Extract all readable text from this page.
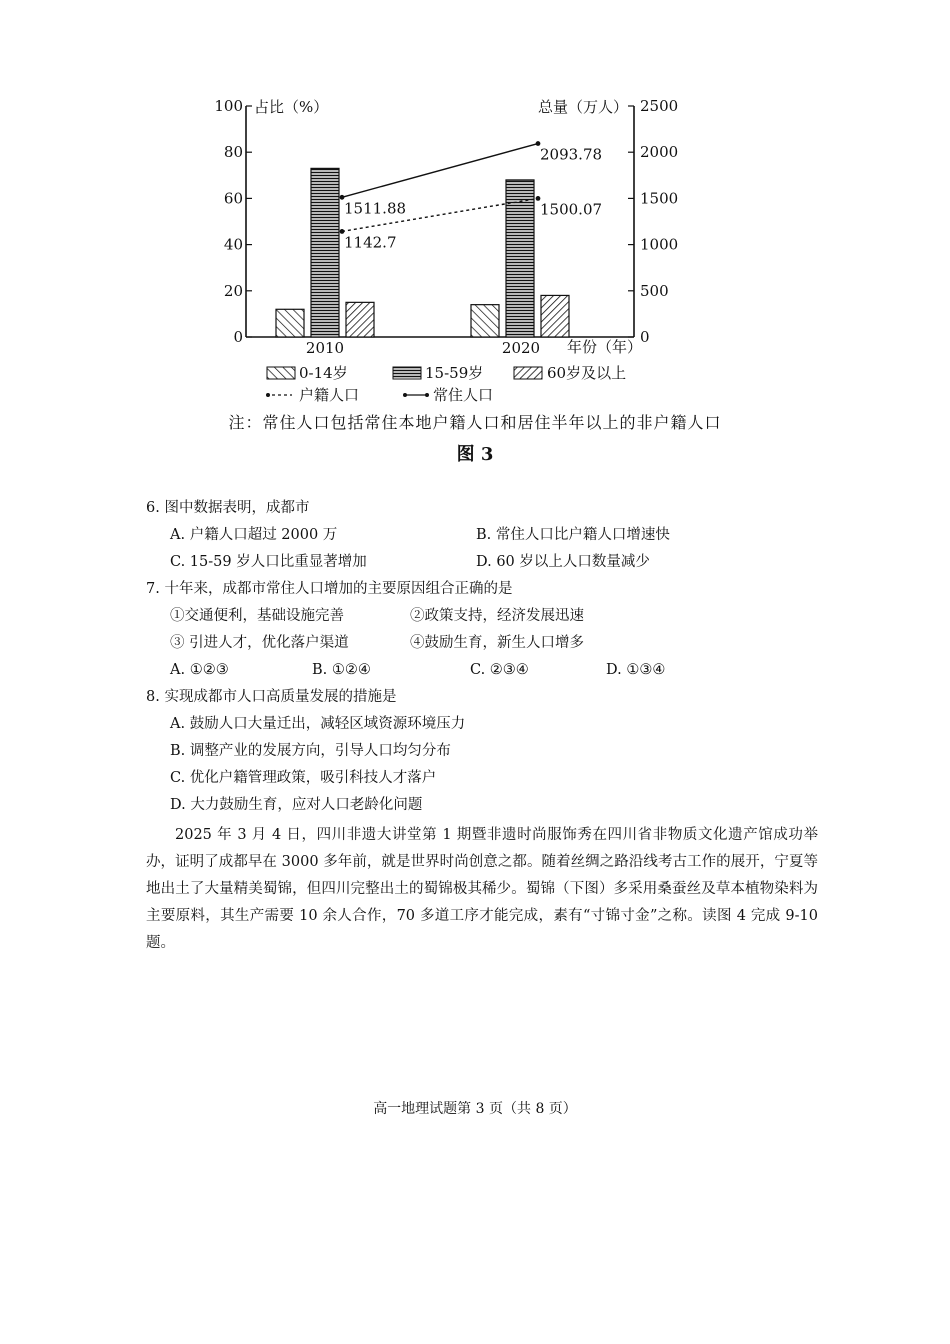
0
20
40
60
80
100
0
500
1000
1500
2000
2500
占比（%）	总量（万人）
1142.7
1500.07
1511.88
2093.78
2010	2020 年份（年）
0-14岁	15-59岁	60岁及以上
户籍人口	常住人口
注：常住人口包括常住本地户籍人口和居住半年以上的非户籍人口
图 3
6. 图中数据表明，成都市
A. 户籍人口超过 2000 万	B. 常住人口比户籍人口增速快
C. 15-59 岁人口比重显著增加	D. 60 岁以上人口数量减少
7. 十年来，成都市常住人口增加的主要原因组合正确的是
①交通便利，基础设施完善	②政策支持，经济发展迅速
③ 引进人才，优化落户渠道	④鼓励生育，新生人口增多
A. ①②③	B. ①②④	C. ②③④	D. ①③④
8. 实现成都市人口高质量发展的措施是
A. 鼓励人口大量迁出，减轻区域资源环境压力
B. 调整产业的发展方向，引导人口均匀分布
C. 优化户籍管理政策，吸引科技人才落户
D. 大力鼓励生育，应对人口老龄化问题

2025 年 3 月 4 日，四川非遗大讲堂第 1 期暨非遗时尚服饰秀在四川省非物质文化遗产馆成功举办，证明了成都早在 3000 多年前，就是世界时尚创意之都。随着丝绸之路沿线考古工作的展开，宁夏等地出土了大量精美蜀锦，但四川完整出土的蜀锦极其稀少。蜀锦（下图）多采用桑蚕丝及草本植物染料为主要原料，其生产需要 10 余人合作，70 多道工序才能完成，素有“寸锦寸金”之称。读图 4 完成 9-10 题。

高一地理试题第 3 页（共 8 页）
